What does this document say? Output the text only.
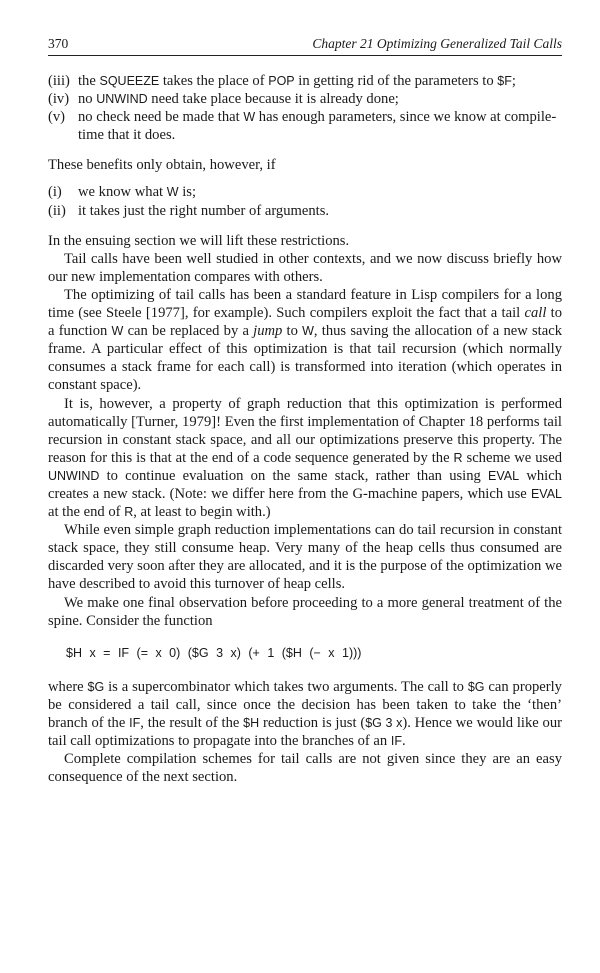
370	Chapter 21 Optimizing Generalized Tail Calls
(iii) the SQUEEZE takes the place of POP in getting rid of the parameters to $F;
(iv) no UNWIND need take place because it is already done;
(v) no check need be made that W has enough parameters, since we know at compile-time that it does.

These benefits only obtain, however, if

(i)	we know what W is;
(ii) it takes just the right number of arguments.

In the ensuing section we will lift these restrictions.

Tail calls have been well studied in other contexts, and we now discuss briefly how our new implementation compares with others.

The optimizing of tail calls has been a standard feature in Lisp compilers for a long time (see Steele [1977], for example). Such compilers exploit the fact that a tail call to a function W can be replaced by a jump to W, thus saving the allocation of a new stack frame. A particular effect of this optimization is that tail recursion (which normally consumes a stack frame for each call) is transformed into iteration (which operates in constant space).

It is, however, a property of graph reduction that this optimization is performed automatically [Turner, 1979]! Even the first implementation of Chapter 18 performs tail recursion in constant stack space, and all our optimizations preserve this property. The reason for this is that at the end of a code sequence generated by the R scheme we used UNWIND to continue evaluation on the same stack, rather than using EVAL which creates a new stack. (Note: we differ here from the G-machine papers, which use EVAL at the end of R, at least to begin with.)

While even simple graph reduction implementations can do tail recursion in constant stack space, they still consume heap. Very many of the heap cells thus consumed are discarded very soon after they are allocated, and it is the purpose of the optimization we have described to avoid this turnover of heap cells.

We make one final observation before proceeding to a more general treatment of the spine. Consider the function

$H x = IF (= x 0) ($G 3 x) (+ 1 ($H (− x 1)))

where $G is a supercombinator which takes two arguments. The call to $G can properly be considered a tail call, since once the decision has been taken to take the ‘then’ branch of the IF, the result of the $H reduction is just ($G 3 x). Hence we would like our tail call optimizations to propagate into the branches of an IF.

Complete compilation schemes for tail calls are not given since they are an easy consequence of the next section.
